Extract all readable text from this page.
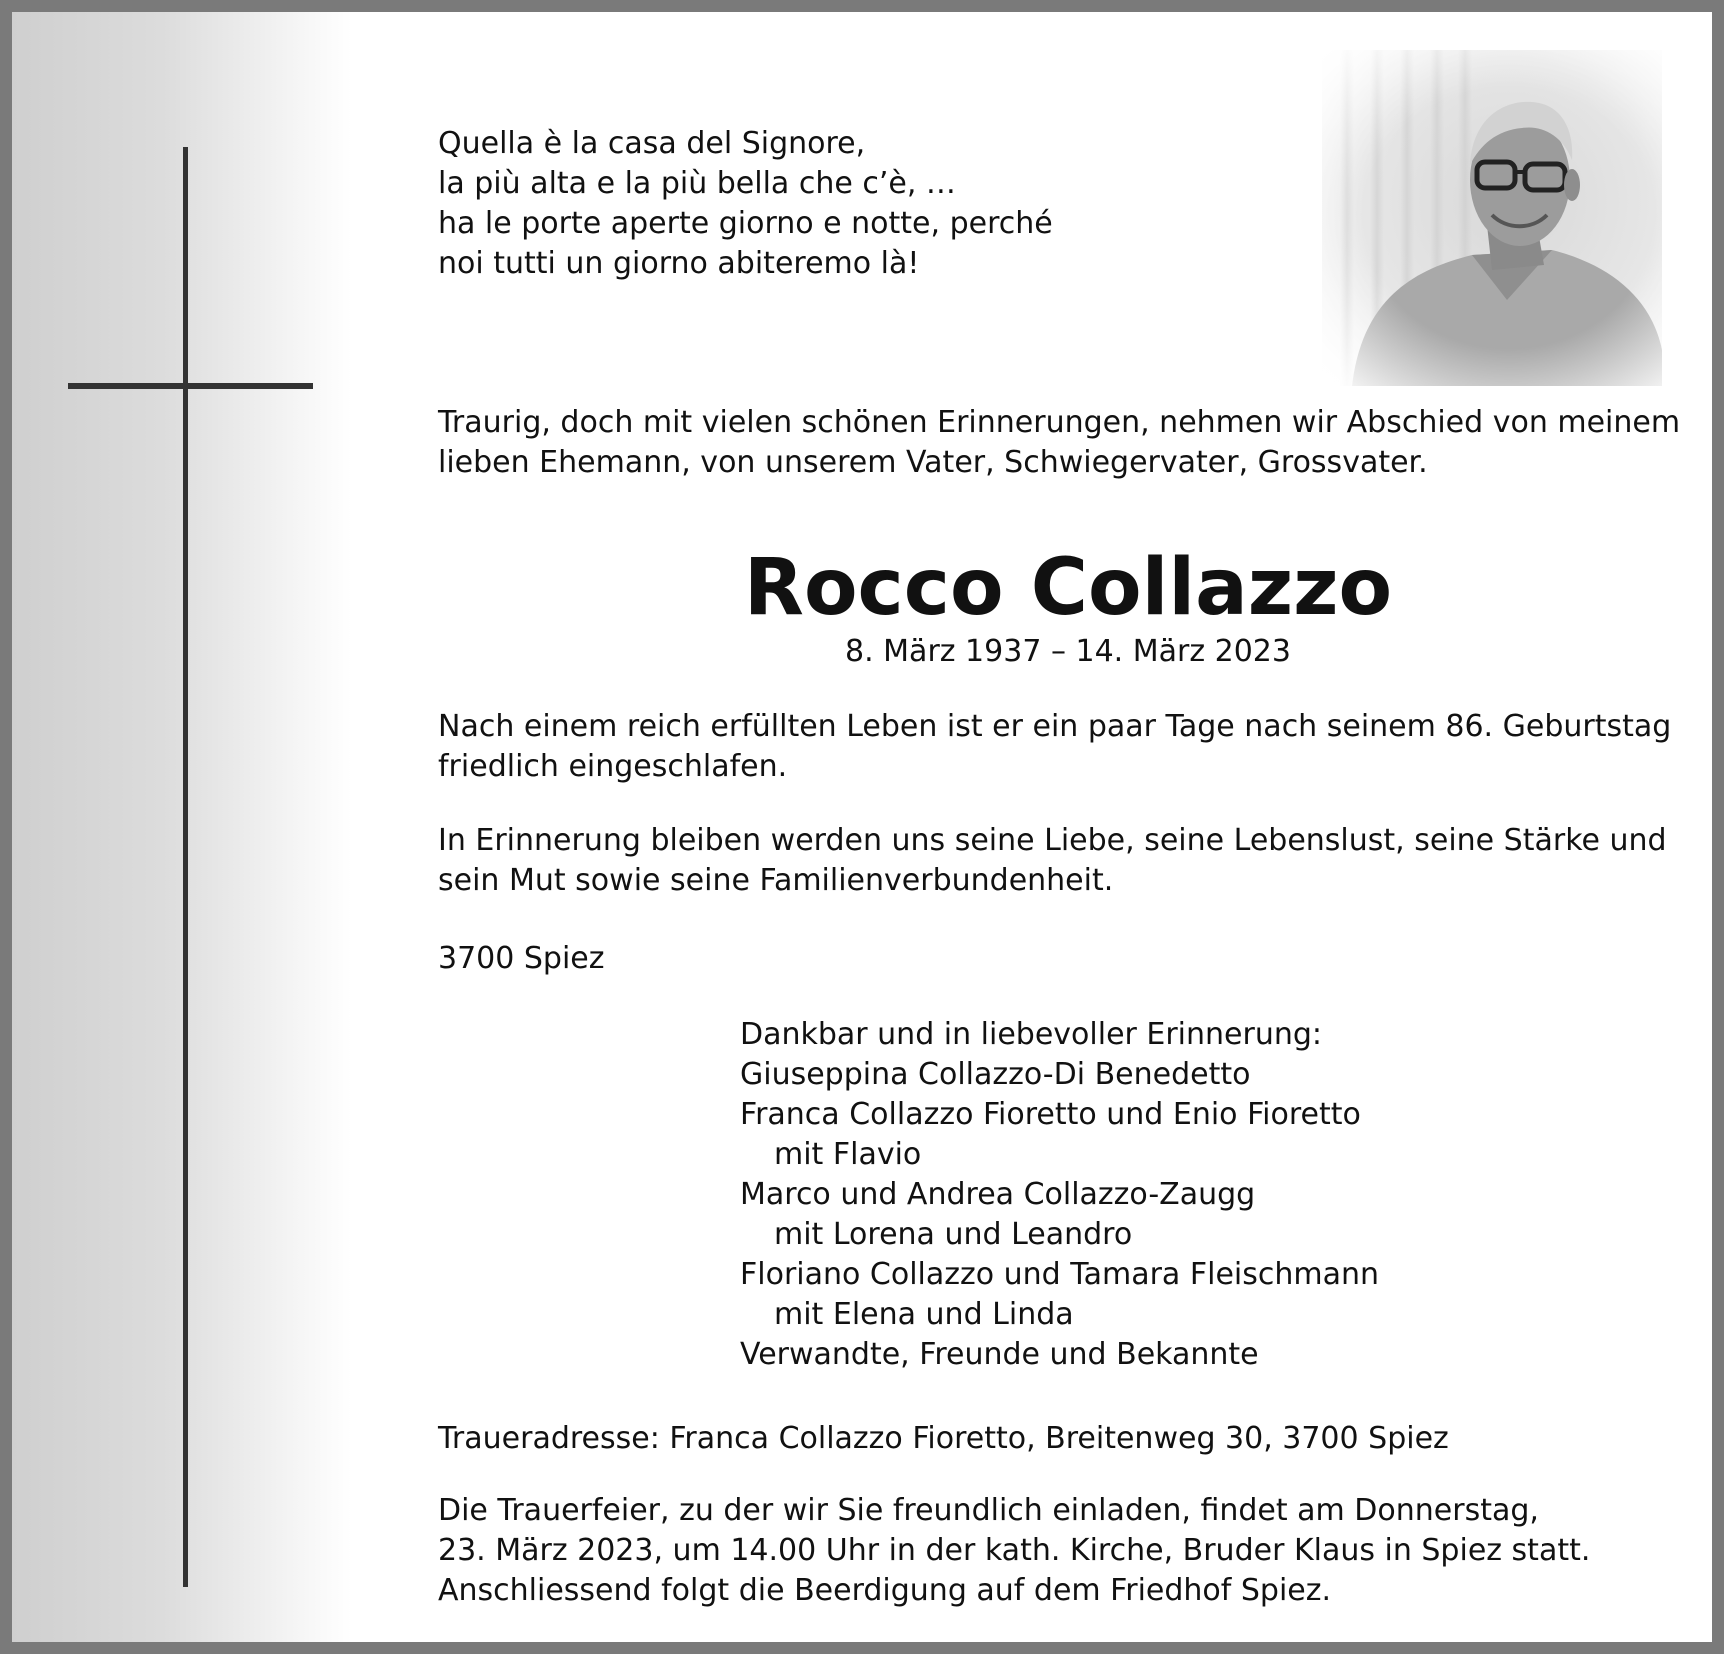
Quella è la casa del Signore,
la più alta e la più bella che c’è, …
ha le porte aperte giorno e notte, perché
noi tutti un giorno abiteremo là!
Traurig, doch mit vielen schönen Erinnerungen, nehmen wir Abschied von meinem
lieben Ehemann, von unserem Vater, Schwiegervater, Grossvater.
Rocco Collazzo
8. März 1937 – 14. März 2023
Nach einem reich erfüllten Leben ist er ein paar Tage nach seinem 86. Geburtstag
friedlich eingeschlafen.
In Erinnerung bleiben werden uns seine Liebe, seine Lebenslust, seine Stärke und
sein Mut sowie seine Familienverbundenheit.
3700 Spiez
Dankbar und in liebevoller Erinnerung:
Giuseppina Collazzo-Di Benedetto
Franca Collazzo Fioretto und Enio Fioretto
mit Flavio
Marco und Andrea Collazzo-Zaugg
mit Lorena und Leandro
Floriano Collazzo und Tamara Fleischmann
mit Elena und Linda
Verwandte, Freunde und Bekannte
Traueradresse: Franca Collazzo Fioretto, Breitenweg 30, 3700 Spiez
Die Trauerfeier, zu der wir Sie freundlich einladen, findet am Donnerstag,
23. März 2023, um 14.00 Uhr in der kath. Kirche, Bruder Klaus in Spiez statt.
Anschliessend folgt die Beerdigung auf dem Friedhof Spiez.
